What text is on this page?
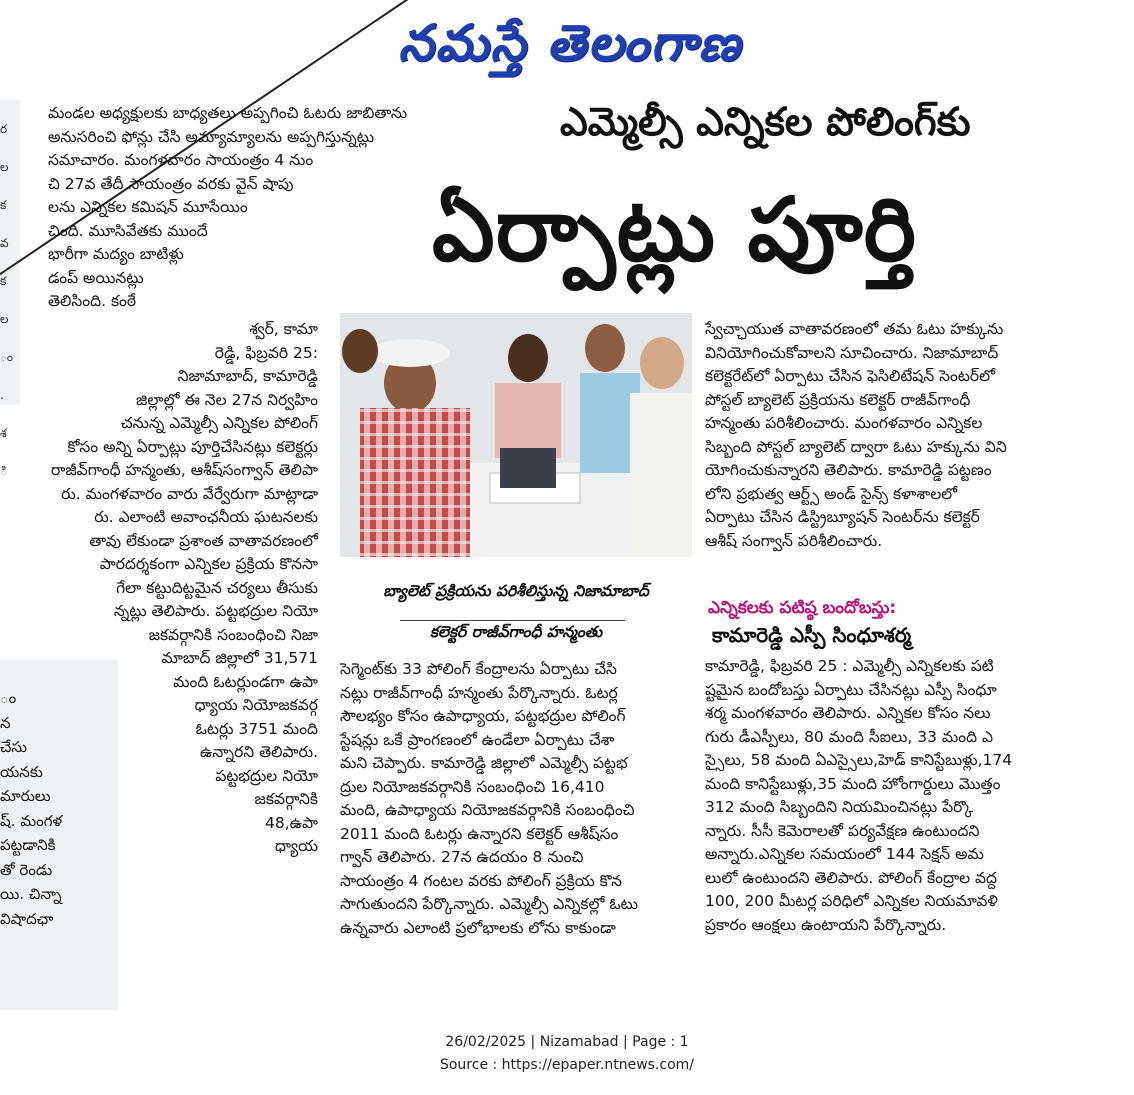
నమస్తే తెలంగాణ

ర

ల

క

వ

క

ల

ం

.

శ

ి

మండల అధ్యక్షులకు బాధ్యతలు అప్పగించి ఓటరు జాబితాను

అనుసరించి ఫోన్లు చేసి అమ్యామ్యాలను అప్పగిస్తున్నట్లు

సమాచారం. మంగళవారం సాయంత్రం 4 నుం

చి 27వ తేదీ సాయంత్రం వరకు వైన్ షాపు

లను ఎన్నికల కమిషన్ మూసేయిం

చింది. మూసివేతకు ముందే

భారీగా మద్యం బాటిళ్లు

డంప్ అయినట్లు

తెలిసింది. కంఠే

శ్వర్, కామా

రెడ్డి, ఫిబ్రవరి 25:

నిజామాబాద్, కామారెడ్డి

జిల్లాల్లో ఈ నెల 27న నిర్వహిం

చనున్న ఎమ్మెల్సీ ఎన్నికల పోలింగ్

కోసం అన్ని ఏర్పాట్లు పూర్తిచేసినట్లు కలెక్టర్లు

రాజీవ్‌గాంధీ హన్మంతు, ఆశీష్‌సంగ్వాన్ తెలిపా

రు. మంగళవారం వారు వేర్వేరుగా మాట్లాడా

రు. ఎలాంటి అవాంఛనీయ ఘటనలకు

తావు లేకుండా ప్రశాంత వాతావరణంలో

పారదర్శకంగా ఎన్నికల ప్రక్రియ కొనసా

గేలా కట్టుదిట్టమైన చర్యలు తీసుకు

న్నట్లు తెలిపారు. పట్టభద్రుల నియో

జకవర్గానికి సంబంధించి నిజా

మాబాద్ జిల్లాలో 31,571

మంది ఓటర్లుండగా ఉపా

ధ్యాయ నియోజకవర్గ

ఓటర్లు 3751 మంది

ఉన్నారని తెలిపారు.

పట్టభద్రుల నియో

జకవర్గానికి

48,ఉపా

ధ్యాయ

ం

న

చేసు

యనకు

మారులు

ష్. మంగళ

పట్టడానికి

తో రెండు

యి. చిన్నా

విషాదఛా

ఎమ్మెల్సీ ఎన్నికల పోలింగ్‌కు
ఏర్పాట్లు పూర్తి

బ్యాలెట్ ప్రక్రియను పరిశీలిస్తున్న నిజామాబాద్

కలెక్టర్ రాజీవ్‌గాంధీ హన్మంతు

సెగ్మెంట్‌కు 33 పోలింగ్ కేంద్రాలను ఏర్పాటు చేసి

నట్లు రాజీవ్‌గాంధీ హన్మంతు పేర్కొన్నారు. ఓటర్ల

సౌలభ్యం కోసం ఉపాధ్యాయ, పట్టభద్రుల పోలింగ్

స్టేషన్లు ఒకే ప్రాంగణంలో ఉండేలా ఏర్పాటు చేశా

మని చెప్పారు. కామారెడ్డి జిల్లాలో ఎమ్మెల్సీ పట్టభ

ద్రుల నియోజకవర్గానికి సంబంధించి 16,410

మంది, ఉపాధ్యాయ నియోజకవర్గానికి సంబంధించి

2011 మంది ఓటర్లు ఉన్నారని కలెక్టర్ ఆశీష్‌సం

గ్వాన్ తెలిపారు. 27న ఉదయం 8 నుంచి

సాయంత్రం 4 గంటల వరకు పోలింగ్ ప్రక్రియ కొన

సాగుతుందని పేర్కొన్నారు. ఎమ్మెల్సీ ఎన్నికల్లో ఓటు

ఉన్నవారు ఎలాంటి ప్రలోభాలకు లోను కాకుండా

స్వేచ్ఛాయుత వాతావరణంలో తమ ఓటు హక్కును

వినియోగించుకోవాలని సూచించారు. నిజామాబాద్

కలెక్టరేట్‌లో ఏర్పాటు చేసిన ఫెసిలిటేషన్ సెంటర్‌లో

పోస్టల్ బ్యాలెట్ ప్రక్రియను కలెక్టర్ రాజీవ్‌గాంధీ

హన్మంతు పరిశీలించారు. మంగళవారం ఎన్నికల

సిబ్బంది పోస్టల్ బ్యాలెట్ ద్వారా ఓటు హక్కును విని

యోగించుకున్నారని తెలిపారు. కామారెడ్డి పట్టణం

లోని ప్రభుత్వ ఆర్ట్స్ అండ్ సైన్స్ కళాశాలలో

ఏర్పాటు చేసిన డిస్ట్రిబ్యూషన్ సెంటర్‌ను కలెక్టర్

ఆశీష్ సంగ్వాన్ పరిశీలించారు.

ఎన్నికలకు పటిష్ఠ బందోబస్తు:
కామారెడ్డి ఎస్పీ సింధూశర్మ

కామారెడ్డి, ఫిబ్రవరి 25 : ఎమ్మెల్సీ ఎన్నికలకు పటి

ష్టమైన బందోబస్తు ఏర్పాటు చేసినట్లు ఎస్పీ సింధూ

శర్మ మంగళవారం తెలిపారు. ఎన్నికల కోసం నలు

గురు డీఎస్పీలు, 80 మంది సీఐలు, 33 మంది ఎ

స్సైలు, 58 మంది ఏఎస్సైలు,హెడ్ కానిస్టేబుళ్లు,174

మంది కానిస్టేబుళ్లు,35 మంది హోంగార్డులు మొత్తం

312 మంది సిబ్బందిని నియమించినట్లు పేర్కొ

న్నారు. సీసీ కెమెరాలతో పర్యవేక్షణ ఉంటుందని

అన్నారు.ఎన్నికల సమయంలో 144 సెక్షన్ అమ

లులో ఉంటుందని తెలిపారు. పోలింగ్ కేంద్రాల వద్ద

100, 200 మీటర్ల పరిధిలో ఎన్నికల నియమావళి

ప్రకారం ఆంక్షలు ఉంటాయని పేర్కొన్నారు.

26/02/2025 | Nizamabad | Page : 1
Source : https://epaper.ntnews.com/
